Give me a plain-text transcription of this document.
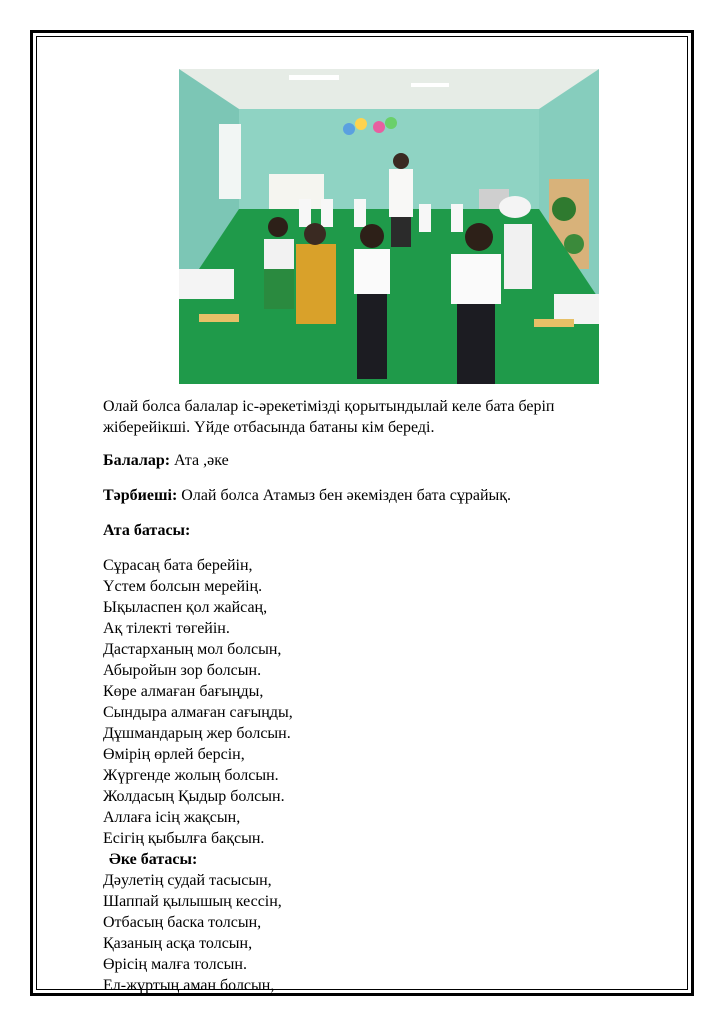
Олай болса балалар іс-әрекетімізді қорытындылай келе бата беріп
жіберейікші. Үйде отбасында батаны кім береді.

Балалар: Ата ,әке

Тәрбиеші: Олай болса Атамыз бен әкемізден бата сұрайық.

Ата батасы:

Сұрасаң бата берейін,
Үстем болсын мерейің.
Ықыласпен қол жайсаң,
Ақ тілекті төгейін.
Дастарханың мол болсын,
Абыройын зор болсын.
Көре алмаған бағыңды,
Сындыра алмаған сағыңды,
Дұшмандарың жер болсын.
Өмірің өрлей берсін,
Жүргенде жолың болсын.
Жолдасың Қыдыр болсын.
Аллаға ісің жақсын,
Есігің қыбылға бақсын.
Әке батасы:
Дәулетің судай тасысын,
Шаппай қылышың кессін,
Отбасың баска толсын,
Қазаның асқа толсын,
Өрісің малға толсын.
Ел-жұртың аман болсын,
